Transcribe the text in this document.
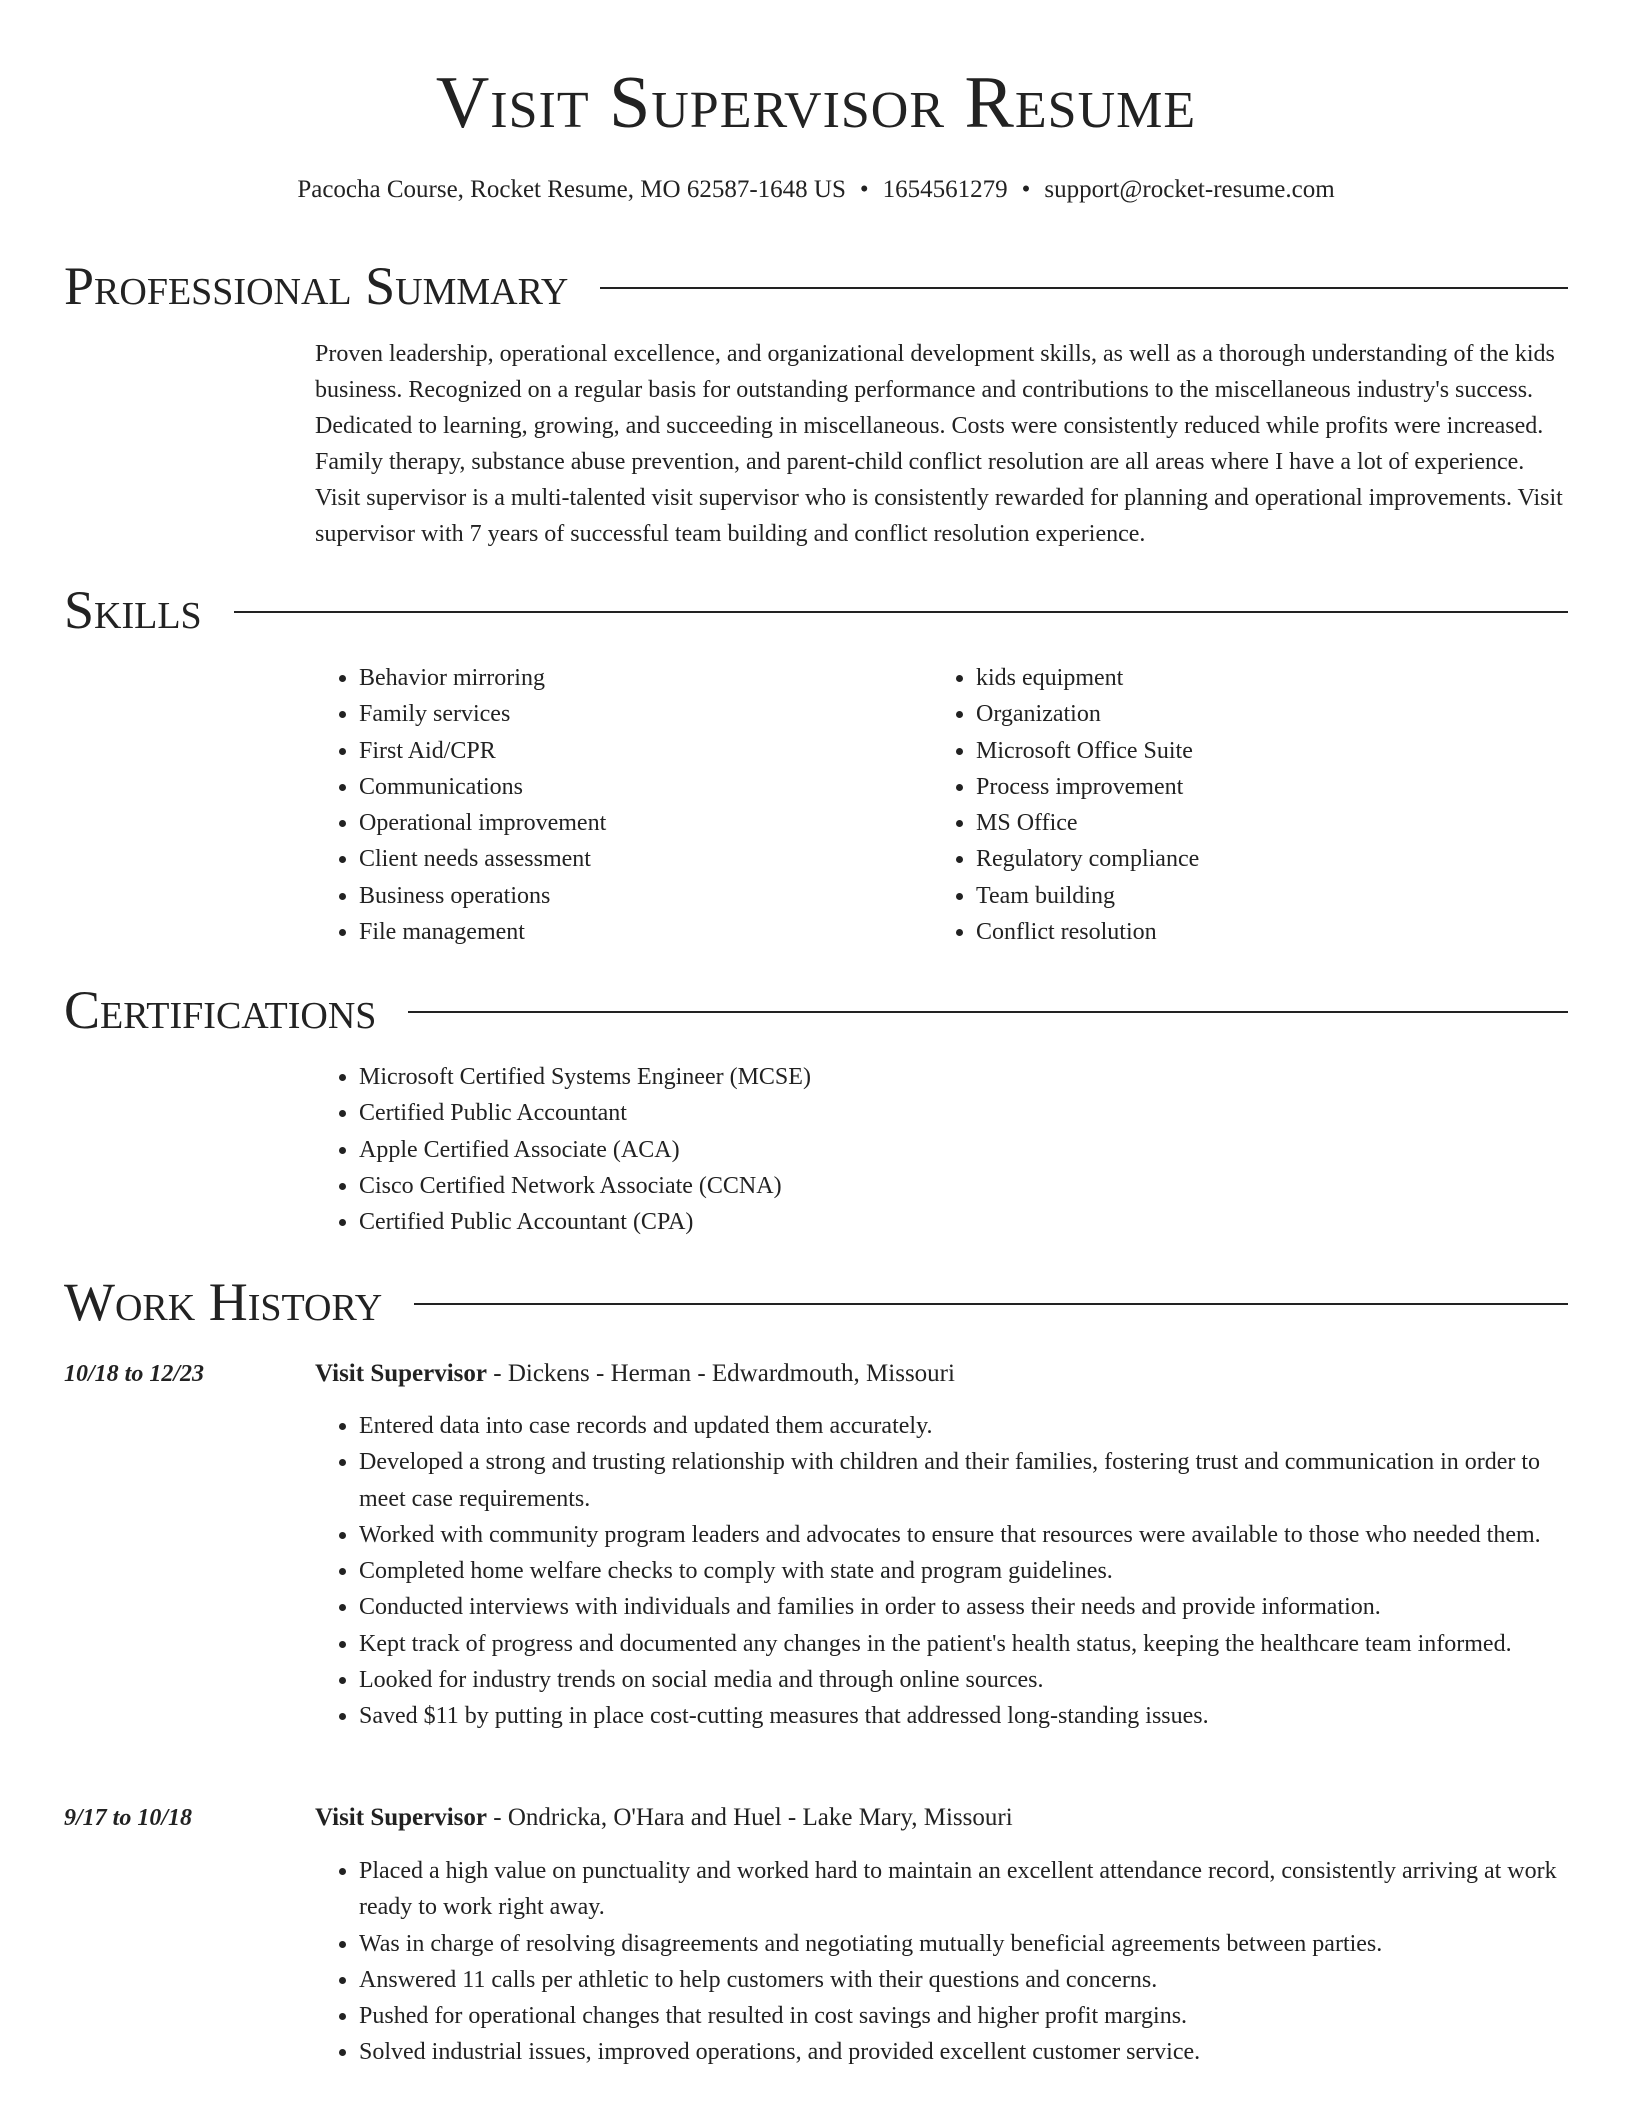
Visit Supervisor Resume
Pacocha Course, Rocket Resume, MO 62587-1648 US • 1654561279 • support@rocket-resume.com
Professional Summary

Proven leadership, operational excellence, and organizational development skills, as well as a thorough understanding of the kids business. Recognized on a regular basis for outstanding performance and contributions to the miscellaneous industry's success. Dedicated to learning, growing, and succeeding in miscellaneous. Costs were consistently reduced while profits were increased. Family therapy, substance abuse prevention, and parent-child conflict resolution are all areas where I have a lot of experience. Visit supervisor is a multi-talented visit supervisor who is consistently rewarded for planning and operational improvements. Visit supervisor with 7 years of successful team building and conflict resolution experience.

Skills
• Behavior mirroring
• Family services
• First Aid/CPR
• Communications
• Operational improvement
• Client needs assessment
• Business operations
• File management
• kids equipment
• Organization
• Microsoft Office Suite
• Process improvement
• MS Office
• Regulatory compliance
• Team building
• Conflict resolution
Certifications
• Microsoft Certified Systems Engineer (MCSE)
• Certified Public Accountant
• Apple Certified Associate (ACA)
• Cisco Certified Network Associate (CCNA)
• Certified Public Accountant (CPA)
Work History
10/18 to 12/23	Visit Supervisor - Dickens - Herman - Edwardmouth, Missouri
• Entered data into case records and updated them accurately.
• Developed a strong and trusting relationship with children and their families, fostering trust and communication in order to meet case requirements.
• Worked with community program leaders and advocates to ensure that resources were available to those who needed them.
• Completed home welfare checks to comply with state and program guidelines.
• Conducted interviews with individuals and families in order to assess their needs and provide information.
• Kept track of progress and documented any changes in the patient's health status, keeping the healthcare team informed.
• Looked for industry trends on social media and through online sources.
• Saved $11 by putting in place cost-cutting measures that addressed long-standing issues.
9/17 to 10/18	Visit Supervisor - Ondricka, O'Hara and Huel - Lake Mary, Missouri
• Placed a high value on punctuality and worked hard to maintain an excellent attendance record, consistently arriving at work ready to work right away.
• Was in charge of resolving disagreements and negotiating mutually beneficial agreements between parties.
• Answered 11 calls per athletic to help customers with their questions and concerns.
• Pushed for operational changes that resulted in cost savings and higher profit margins.
• Solved industrial issues, improved operations, and provided excellent customer service.
